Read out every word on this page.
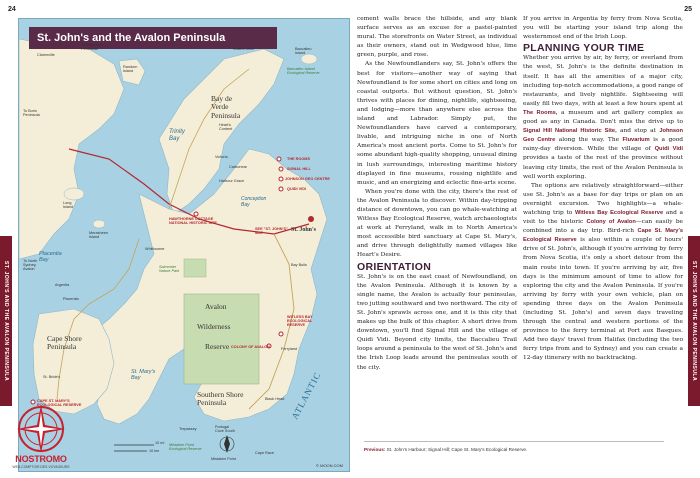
24	25
ST. JOHN'S AND THE AVALON PENINSULA	ST. JOHN'S AND THE AVALON PENINSULA
St. John's and the Avalon Peninsula
To Bonavista
Peninsula
Clarenville
Random
Island
Baccalieu
Island
Grates Cove
Baccalieu Island
Ecological Reserve
To Burin
Peninsula
Bay de
Verde
Peninsula
Heart's
Content
THE ROOMS
SIGNAL HILL
JOHNSON GEO CENTRE
QUIDI VIDI
SEE "ST. JOHN'S"
MAP
St. John's
HAWTHORNE COTTAGE
NATIONAL HISTORIC SITE
Carbonear
Harbour Grace
Victoria
Trinity
Bay
Conception
Bay
Long
Island
Merasheen
Island
Placentia
Bay
To North
Sydney,
Avalon
Argentia
Placentia
Cape Shore
Peninsula
Salmonier
Nature Park
Whitbourne
Avalon
Wilderness
Reserve
WITLESS BAY
ECOLOGICAL
RESERVE
Bay Bulls
COLONY OF AVALON	Ferryland
St. Mary's
Bay
Southern Shore
Peninsula	Black Head
CAPE ST. MARY'S
ECOLOGICAL RESERVE
St. Bride's
Trepassey	Portugal
Cove South
Mistaken Point
Ecological Reserve
Mistaken Point
Cape Race
ATLANTIC
10 mi
10 km
© MOON.COM
NOSTROMO
WEB-COMPTOIR DES VOYAGEURS

cement walls brace the hillside, and any blank surface serves as an excuse for a pastel-painted mural. The storefronts on Water Street, as individual as their owners, stand out in Wedgwood blue, lime green, purple, and rose.

As the Newfoundlanders say, St. John's offers the best for visitors—another way of saying that Newfoundland is for some short on cities and long on coastal outports. But without question, St. John's thrives with places for dining, nightlife, sightseeing, and lodging—more than anywhere else across the island and Labrador. Simply put, the Newfoundlanders have carved a contemporary, livable, and intriguing niche in one of North America's most ancient ports. Come to St. John's for some abundant high-quality shopping, unusual dining in lush surroundings, interesting maritime history displayed in fine museums, rousing nightlife and music, and an energizing and eclectic fine-arts scene.

When you're done with the city, there's the rest of the Avalon Peninsula to discover. Within day-tripping distance of downtown, you can go whale-watching at Witless Bay Ecological Reserve, watch archaeologists at work at Ferryland, walk in to North America's most accessible bird sanctuary at Cape St. Mary's, and drive through delightfully named villages like Heart's Desire.

ORIENTATION

St. John's is on the east coast of Newfoundland, on the Avalon Peninsula. Although it is known by a single name, the Avalon is actually four peninsulas, two jutting southward and two northward. The city of St. John's sprawls across one, and it is this city that makes up the bulk of this chapter. A short drive from downtown, you'll find Signal Hill and the village of Quidi Vidi. Beyond city limits, the Baccalieu Trail loops around a peninsula to the west of St. John's and the Irish Loop leads around the peninsulas south of the city.

If you arrive in Argentia by ferry from Nova Scotia, you will be starting your island trip along the westernmost end of the Irish Loop.

PLANNING YOUR TIME

Whether you arrive by air, by ferry, or overland from the west, St. John's is the definite destination in itself. It has all the amenities of a major city, including top-notch accommodations, a good range of restaurants, and lively nightlife. Sightseeing will easily fill two days, with at least a few hours spent at The Rooms, a museum and art gallery complex as good as any in Canada. Don't miss the drive up to Signal Hill National Historic Site, and stop at Johnson Geo Centre along the way. The Fluvarium is a good rainy-day diversion. While the village of Quidi Vidi provides a taste of the rest of the province without leaving city limits, the rest of the Avalon Peninsula is well worth exploring.

The options are relatively straightforward—either use St. John's as a base for day trips or plan on an overnight excursion. Two highlights—a whale-watching trip to Witless Bay Ecological Reserve and a visit to the historic Colony of Avalon—can easily be combined into a day trip. Bird-rich Cape St. Mary's Ecological Reserve is also within a couple of hours' drive of St. John's, although if you're arriving by ferry from Nova Scotia, it's only a short detour from the main route into town. If you're arriving by air, five days is the minimum amount of time to allow for exploring the city and the Avalon Peninsula. If you're arriving by ferry with your own vehicle, plan on spending three days on the Avalon Peninsula (including St. John's) and seven days traveling through the central and western portions of the province to the ferry terminal at Port aux Basques. Add two days' travel from Halifax (including the two ferry trips from and to Sydney) and you can create a 12-day itinerary with no backtracking.

Previous: St. John's Harbour; Signal Hill; Cape St. Mary's Ecological Reserve.
